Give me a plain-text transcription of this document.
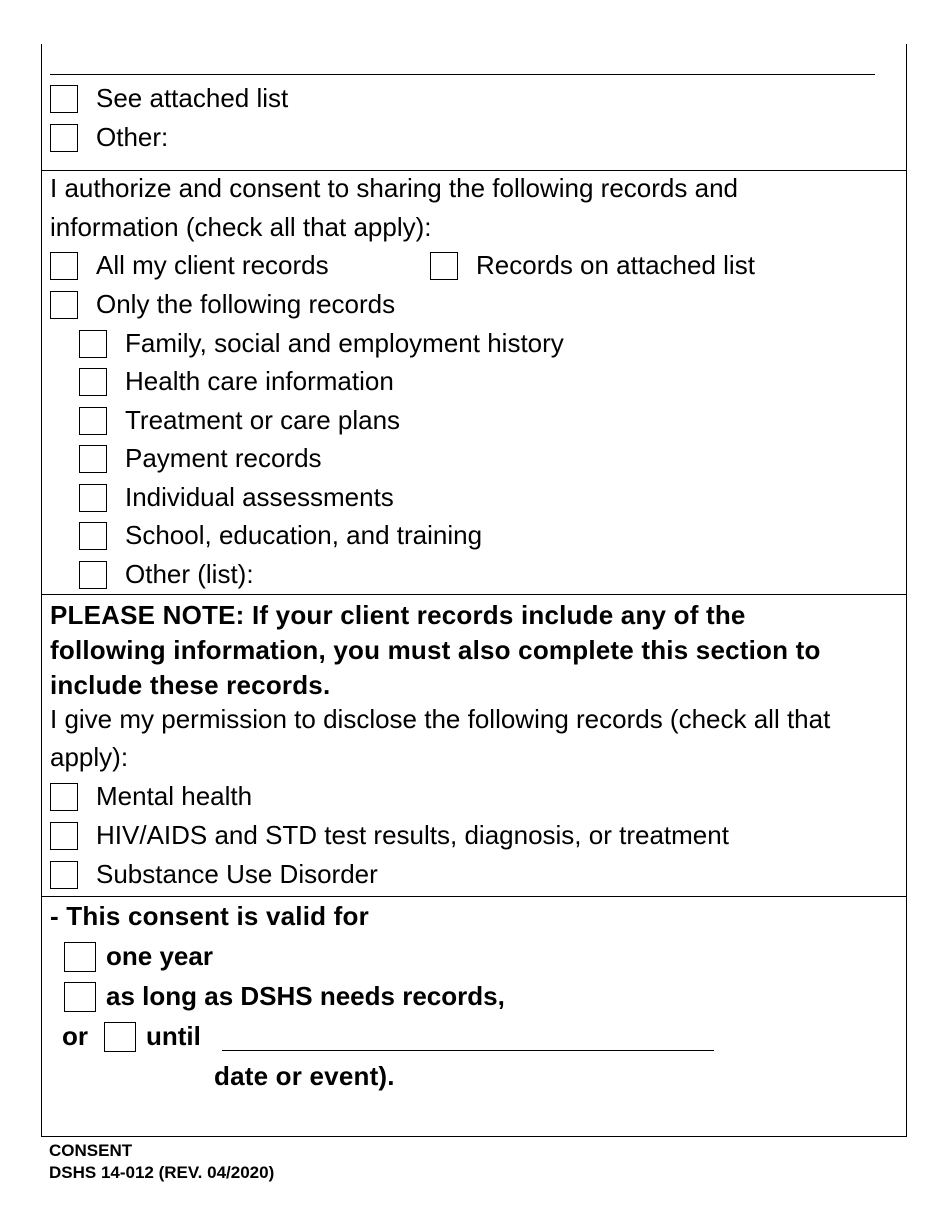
See attached list
Other:
I authorize and consent to sharing the following records and
information (check all that apply):
All my client records	Records on attached list
Only the following records
Family, social and employment history
Health care information
Treatment or care plans
Payment records
Individual assessments
School, education, and training
Other (list):
PLEASE NOTE: If your client records include any of the
following information, you must also complete this section to
include these records.
I give my permission to disclose the following records (check all that
apply):
Mental health
HIV/AIDS and STD test results, diagnosis, or treatment
Substance Use Disorder
- This consent is valid for
one year
as long as DSHS needs records,
or until
date or event).
CONSENT
DSHS 14-012 (REV. 04/2020)
